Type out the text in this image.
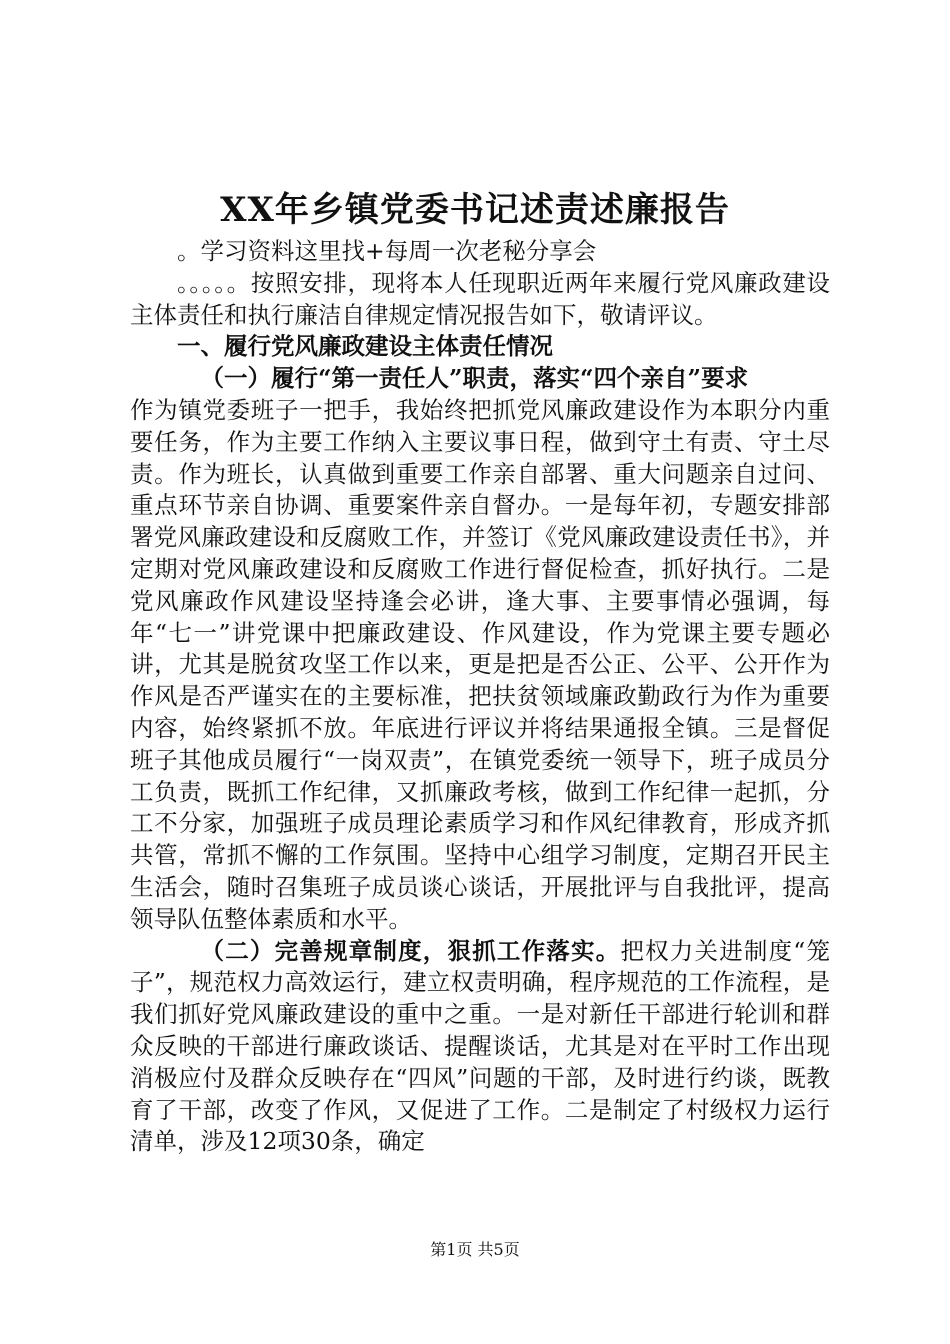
XX年乡镇党委书记述责述廉报告

。学习资料这里找+每周一次老秘分享会

。。。。。按照安排，现将本人任现职近两年来履行党风廉政建设主体责任和执行廉洁自律规定情况报告如下，敬请评议。

一、履行党风廉政建设主体责任情况

（一）履行“第一责任人”职责，落实“四个亲自”要求

作为镇党委班子一把手，我始终把抓党风廉政建设作为本职分内重要任务，作为主要工作纳入主要议事日程，做到守土有责、守土尽责。作为班长，认真做到重要工作亲自部署、重大问题亲自过问、重点环节亲自协调、重要案件亲自督办。一是每年初，专题安排部署党风廉政建设和反腐败工作，并签订《党风廉政建设责任书》，并定期对党风廉政建设和反腐败工作进行督促检查，抓好执行。二是党风廉政作风建设坚持逢会必讲，逢大事、主要事情必强调，每年“七一”讲党课中把廉政建设、作风建设，作为党课主要专题必讲，尤其是脱贫攻坚工作以来，更是把是否公正、公平、公开作为作风是否严谨实在的主要标准，把扶贫领域廉政勤政行为作为重要内容，始终紧抓不放。年底进行评议并将结果通报全镇。三是督促班子其他成员履行“一岗双责”，在镇党委统一领导下，班子成员分工负责，既抓工作纪律，又抓廉政考核，做到工作纪律一起抓，分工不分家，加强班子成员理论素质学习和作风纪律教育，形成齐抓共管，常抓不懈的工作氛围。坚持中心组学习制度，定期召开民主生活会，随时召集班子成员谈心谈话，开展批评与自我批评，提高领导队伍整体素质和水平。

（二）完善规章制度，狠抓工作落实。把权力关进制度“笼子”，规范权力高效运行，建立权责明确，程序规范的工作流程，是我们抓好党风廉政建设的重中之重。一是对新任干部进行轮训和群众反映的干部进行廉政谈话、提醒谈话，尤其是对在平时工作出现消极应付及群众反映存在“四风”问题的干部，及时进行约谈，既教育了干部，改变了作风，又促进了工作。二是制定了村级权力运行清单，涉及12项30条，确定

第1页 共5页
